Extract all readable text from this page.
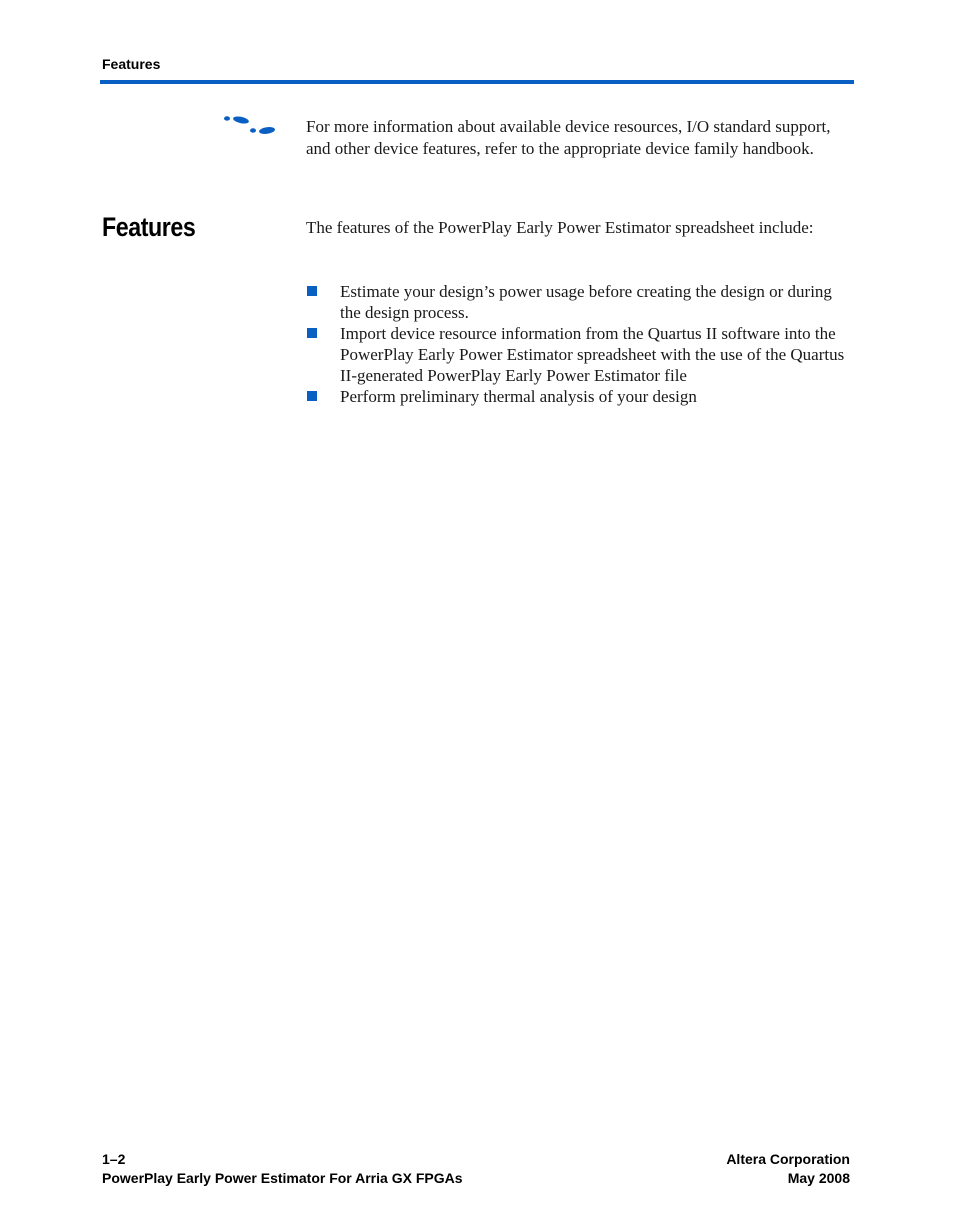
Features

For more information about available device resources, I/O standard support, and other device features, refer to the appropriate device family handbook.

Features	The features of the PowerPlay Early Power Estimator spreadsheet include:

Estimate your design’s power usage before creating the design or during the design process.
Import device resource information from the Quartus II software into the PowerPlay Early Power Estimator spreadsheet with the use of the Quartus II-generated PowerPlay Early Power Estimator file
Perform preliminary thermal analysis of your design
1–2
PowerPlay Early Power Estimator For Arria GX FPGAs
Altera Corporation
May 2008
